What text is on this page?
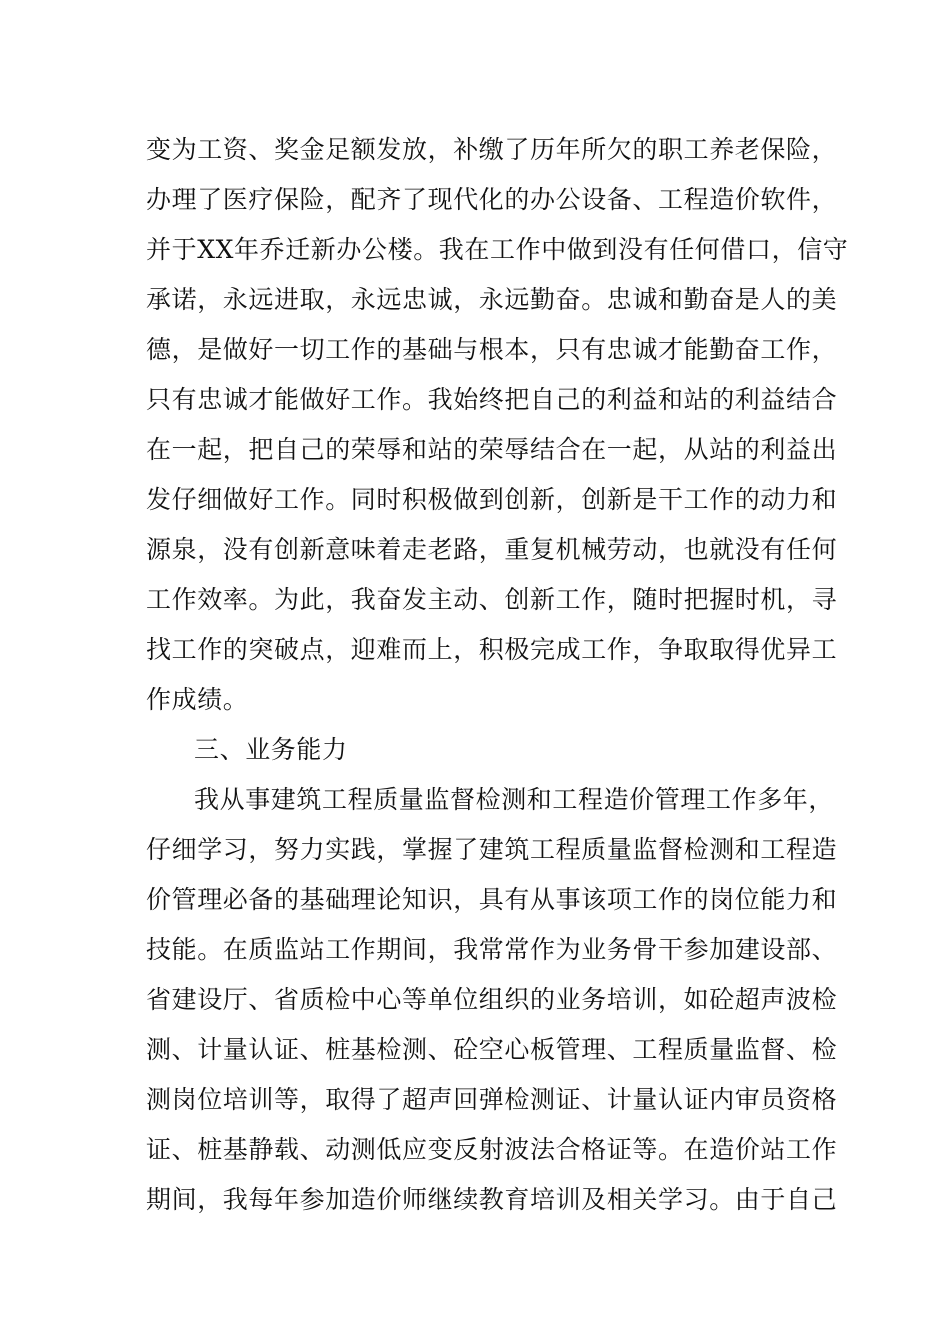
变为工资、奖金足额发放，补缴了历年所欠的职工养老保险，
办理了医疗保险，配齐了现代化的办公设备、工程造价软件，
并于XX年乔迁新办公楼。我在工作中做到没有任何借口，信守
承诺，永远进取，永远忠诚，永远勤奋。忠诚和勤奋是人的美
德，是做好一切工作的基础与根本，只有忠诚才能勤奋工作，
只有忠诚才能做好工作。我始终把自己的利益和站的利益结合
在一起，把自己的荣辱和站的荣辱结合在一起，从站的利益出
发仔细做好工作。同时积极做到创新，创新是干工作的动力和
源泉，没有创新意味着走老路，重复机械劳动，也就没有任何
工作效率。为此，我奋发主动、创新工作，随时把握时机，寻
找工作的突破点，迎难而上，积极完成工作，争取取得优异工
作成绩。
三、业务能力
我从事建筑工程质量监督检测和工程造价管理工作多年，
仔细学习，努力实践，掌握了建筑工程质量监督检测和工程造
价管理必备的基础理论知识，具有从事该项工作的岗位能力和
技能。在质监站工作期间，我常常作为业务骨干参加建设部、
省建设厅、省质检中心等单位组织的业务培训，如砼超声波检
测、计量认证、桩基检测、砼空心板管理、工程质量监督、检
测岗位培训等，取得了超声回弹检测证、计量认证内审员资格
证、桩基静载、动测低应变反射波法合格证等。在造价站工作
期间，我每年参加造价师继续教育培训及相关学习。由于自己
